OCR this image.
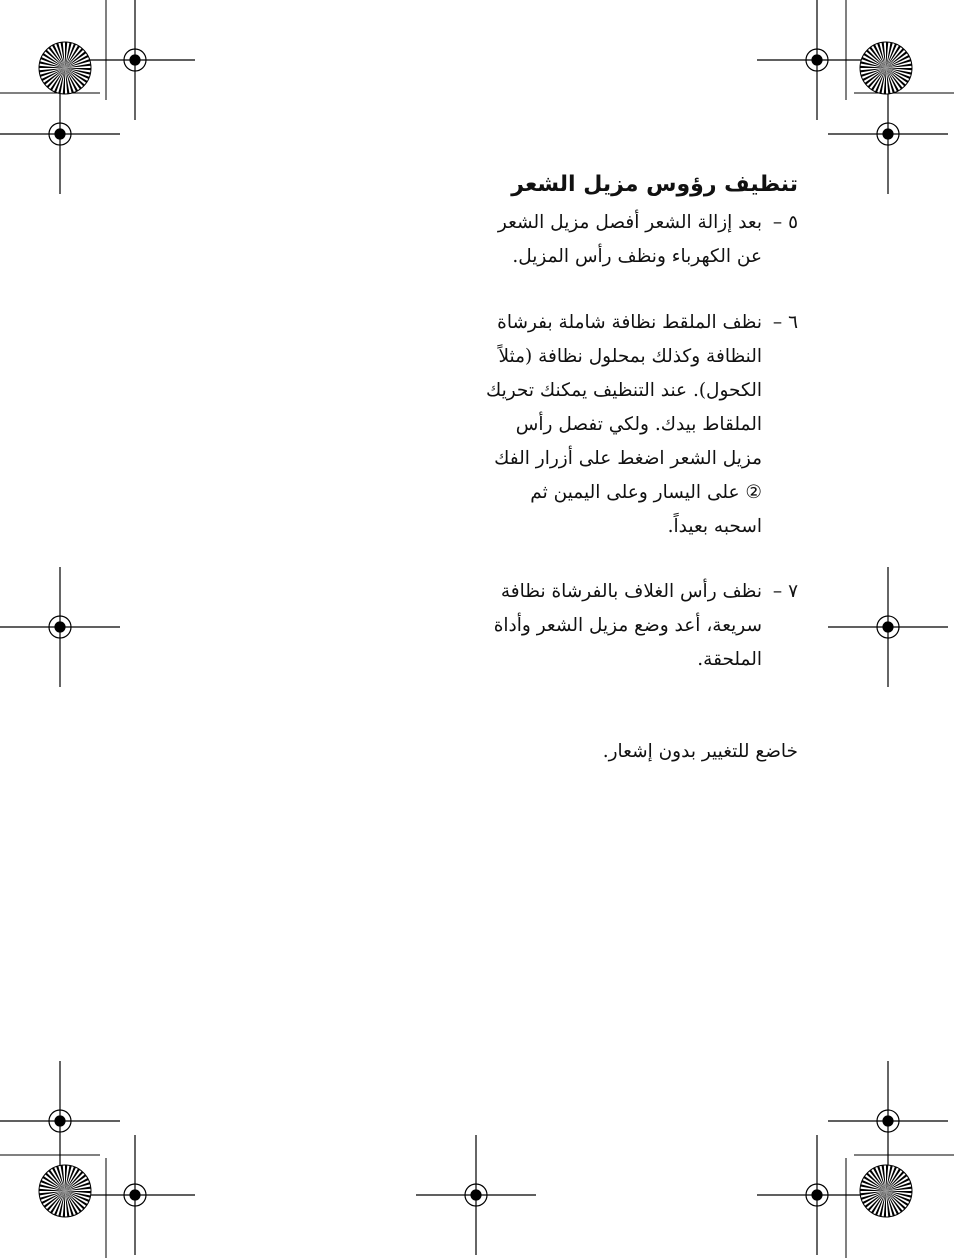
تنظيف رؤوس مزيل الشعر
٥ –
بعد إزالة الشعر أفصل مزيل الشعر عن الكهرباء ونظف رأس المزيل.
٦ –
نظف الملقط نظافة شاملة بفرشاة النظافة وكذلك بمحلول نظافة (مثلاً الكحول). عند التنظيف يمكنك تحريك الملقاط بيدك. ولكي تفصل رأس مزيل الشعر اضغط على أزرار الفك ② على اليسار وعلى اليمين ثم اسحبه بعيداً.
٧ –
نظف رأس الغلاف بالفرشاة نظافة سريعة، أعد وضع مزيل الشعر وأداة الملحقة.
خاضع للتغيير بدون إشعار.
